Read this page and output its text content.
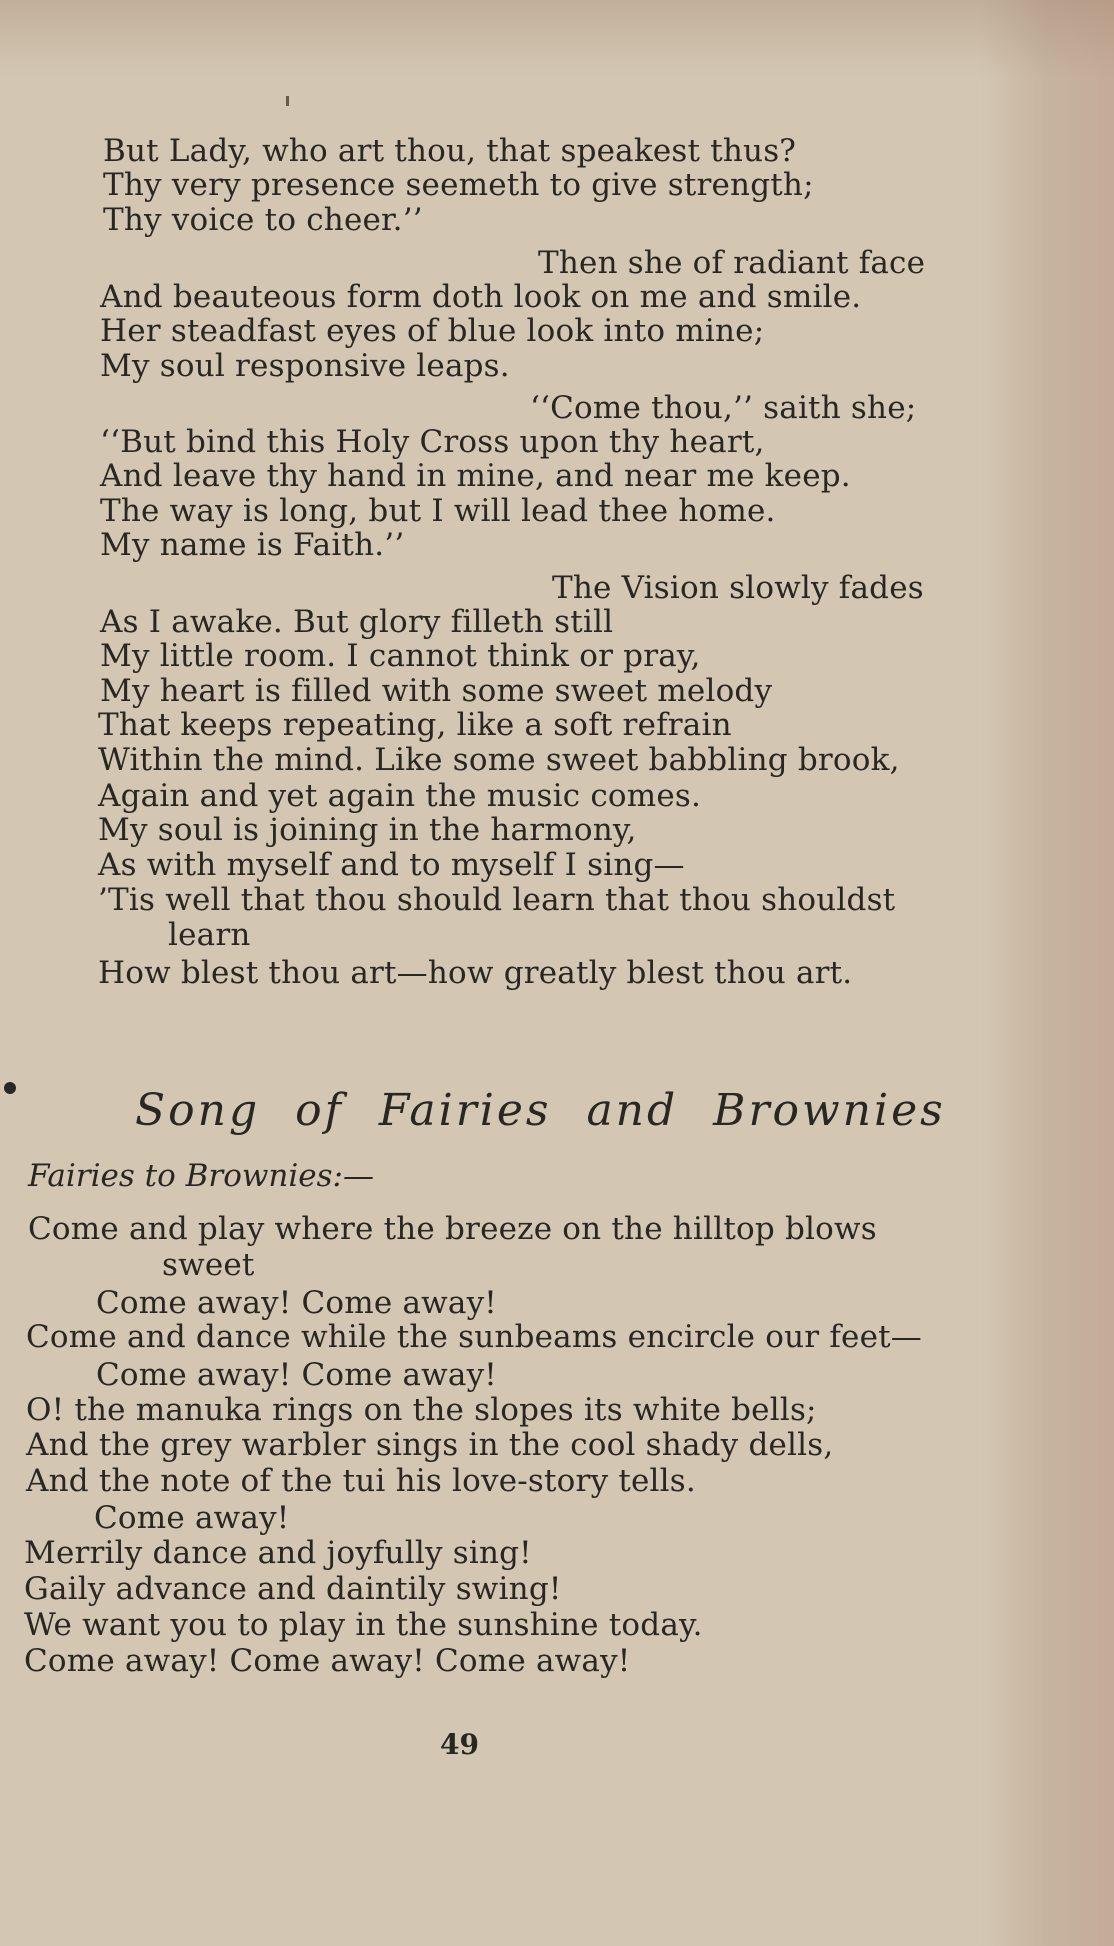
But Lady, who art thou, that speakest thus?
Thy very presence seemeth to give strength;
Thy voice to cheer.’’
Then she of radiant face
And beauteous form doth look on me and smile.
Her steadfast eyes of blue look into mine;
My soul responsive leaps.
‘‘Come thou,’’ saith she;
‘‘But bind this Holy Cross upon thy heart,
And leave thy hand in mine, and near me keep.
The way is long, but I will lead thee home.
My name is Faith.’’
The Vision slowly fades
As I awake. But glory filleth still
My little room. I cannot think or pray,
My heart is filled with some sweet melody
That keeps repeating, like a soft refrain
Within the mind. Like some sweet babbling brook,
Again and yet again the music comes.
My soul is joining in the harmony,
As with myself and to myself I sing—
’Tis well that thou should learn that thou shouldst
learn
How blest thou art—how greatly blest thou art.
Song of Fairies and Brownies
Fairies to Brownies:—
Come and play where the breeze on the hilltop blows
sweet
Come away! Come away!
Come and dance while the sunbeams encircle our feet—
Come away! Come away!
O! the manuka rings on the slopes its white bells;
And the grey warbler sings in the cool shady dells,
And the note of the tui his love-story tells.
Come away!
Merrily dance and joyfully sing!
Gaily advance and daintily swing!
We want you to play in the sunshine today.
Come away! Come away! Come away!
49
